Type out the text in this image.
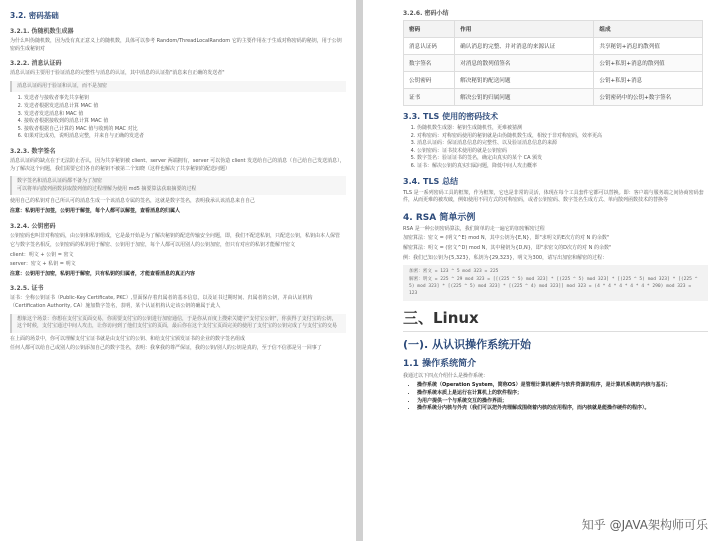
3.2. 密码基础
3.2.1. 伪随机数生成器
为什么叫伪随机数，因为没有真正意义上的随机数，具体可以参考 Random/ThreadLocalRandom 它的主要作用在于生成对称密码的秘钥，用于公钥密码生成秘钥对
3.2.2. 消息认证码
消息认证码主要用于验证消息的完整性与消息的认证，其中消息的认证指"消息来自正确的发送者"
消息认证码用于验证和认证，而不是加密
1. 发送者与接收者事先共享秘钥
2. 发送者根据发送消息计算 MAC 值
3. 发送者发送消息和 MAC 值
4. 接收者根据接收到的消息计算 MAC 值
5. 接收者根据自己计算的 MAC 值与收到的 MAC 对比
6. 如果对比成功，说明消息完整，并来自与正确的发送者
3.2.3. 数字签名
消息认证码的缺点在于无法防止否认，因为共享秘钥被 client、server 两端拥有，server 可以伪造 client 发送给自己的消息（自己给自己发送消息），为了解决这个问题，我们需要它们各自的秘钥不被第二个知晓（这样也解决了共享秘钥的配送问题）
数字签名和消息认证码都不备为了加密
可以将单向散列函数获取散列值的过程理解为使用 md5 摘要算法获取摘要的过程
使用自己的私钥对自己所认可的消息生成一个该消息专属的签名，这就是数字签名，表明我承认该消息来自自己
注意：私钥用于加签，公钥用于解签，每个人都可以解签，查看消息的归属人
3.2.4. 公钥密码
公钥密码也叫非对称密码，由公钥和私钥组成，它是最开始是为了解决秘钥的配送传输安全问题，即，我们不配送私钥，只配送公钥，私钥由本人保管
它与数字签名相反，公钥密码的私钥用于解密、公钥用于加密，每个人都可以用别人的公钥加密，但只有对应的私钥才能解开密文
client：明文 + 公钥 = 密文
server：密文 + 私钥 = 明文
注意：公钥用于加密，私钥用于解密，只有私钥的归属者，才能查看消息的真正内容
3.2.5. 证书
证书：全称公钥证书（Public-Key Certificate, PKC）,里面保存着归属者的基本信息，以及证书过期时间、归属者的公钥，并由认证机构（Certification Authority, CA）施加数字签名，表明，某个认证机构认定该公钥的确属于此人
想象这个场景：你想在支付宝页面交易，你需要支付宝的公钥进行加密通信，于是你从百度上搜索关键字"支付宝公钥"，你获得了支付宝的公钥，这个时候，支付宝通过中间人攻击，让你访问到了他们支付宝的页面，最后你在这个支付宝页面完美的使用了支付宝的公钥完成了与支付宝的交易
在上面的场景中，你可以理解支付宝证书就是由支付宝的公钥、和给支付宝颁发证书的企业的数字签名组成
任何人都可以给自己或别人的公钥添加自己的数字签名，表明：我拿我的尊严保证，我的公钥/别人的公钥是真的，至于信不信那是另一回事了
3.2.6. 密码小结
密码	作用	组成
消息认证码	确认消息的完整、并对消息的来源认证	共享秘钥+消息的散列值
数字签名	对消息的散列值签名	公钥+私钥+消息的散列值
公钥密码	解决秘钥的配送问题	公钥+私钥+消息
证书	解决公钥的归属问题	公钥密码中的公钥+数字签名
3.3. TLS 使用的密码技术
1. 伪随机数生成器：秘钥生成随机性，更难被猜测
2. 对称密码：对称密码使用的秘钥就是由伪随机数生成，相较于非对称密码，效率更高
3. 消息认证码：保证消息信息的完整性、以及验证消息信息的来源
4. 公钥密码：证书技术使用的就是公钥密码
5. 数字签名：验证证书的签名，确定由真实的某个 CA 颁发
6. 证书：解决公钥的真实归属问题，降低中间人攻击概率
3.4. TLS 总结
TLS 是一系列密码工具的框架，作为框架，它也是非常的灵活，体现在每个工具套件它都可以替换。即：客户端与服务端之间协商密码套件，从而更难的被攻破，例如使用不同方式的对称密码，或者公钥密码、数字签名生成方式、单向散列函数技术的替换等
4. RSA 简单示例
RSA 是一种公钥密码算法，我们简单的走一遍它的加密解密过程
加密算法：密文 = (明文^E) mod N，其中公钥为{E,N}，即"求明文的E次方的对 N 的余数"
解密算法：明文 = (密文^D) mod N，其中秘钥为{D,N}，即"求密文的D次方的对 N 的余数"
例：我们已知公钥为{5,323}，私钥为{29,323}，明文为300，请写出加密和解密的过程：
加密：密文 = 123 ^ 5 mod 323 = 225
解密：明文 = 225 ^ 29 mod 323 = [[(225 ^ 5) mod 323] * [(225 ^ 5) mod 323] * [(225 ^ 5) mod 323] * [(225 ^ 5) mod 323] * [(225 ^ 5) mod 323] * [(225 ^ 4) mod 323]] mod 323 = (4 * 4 * 4 * 4 * 4 * 290) mod 323 = 123
三、Linux
(一). 从认识操作系统开始
1.1 操作系统简介
我通过以下四点介绍什么是操作系统：
• 操作系统（Operation System，简称OS）是管理计算机硬件与软件资源的程序，是计算机系统的内核与基石；
• 操作系统本质上是运行在计算机上的软件程序；
• 为用户提供一个与系统交互的操作界面；
• 操作系统分内核与外壳（我们可以把外壳理解成围绕着内核的应用程序，而内核就是能操作硬件的程序）。
知乎 @JAVA架构师可乐
